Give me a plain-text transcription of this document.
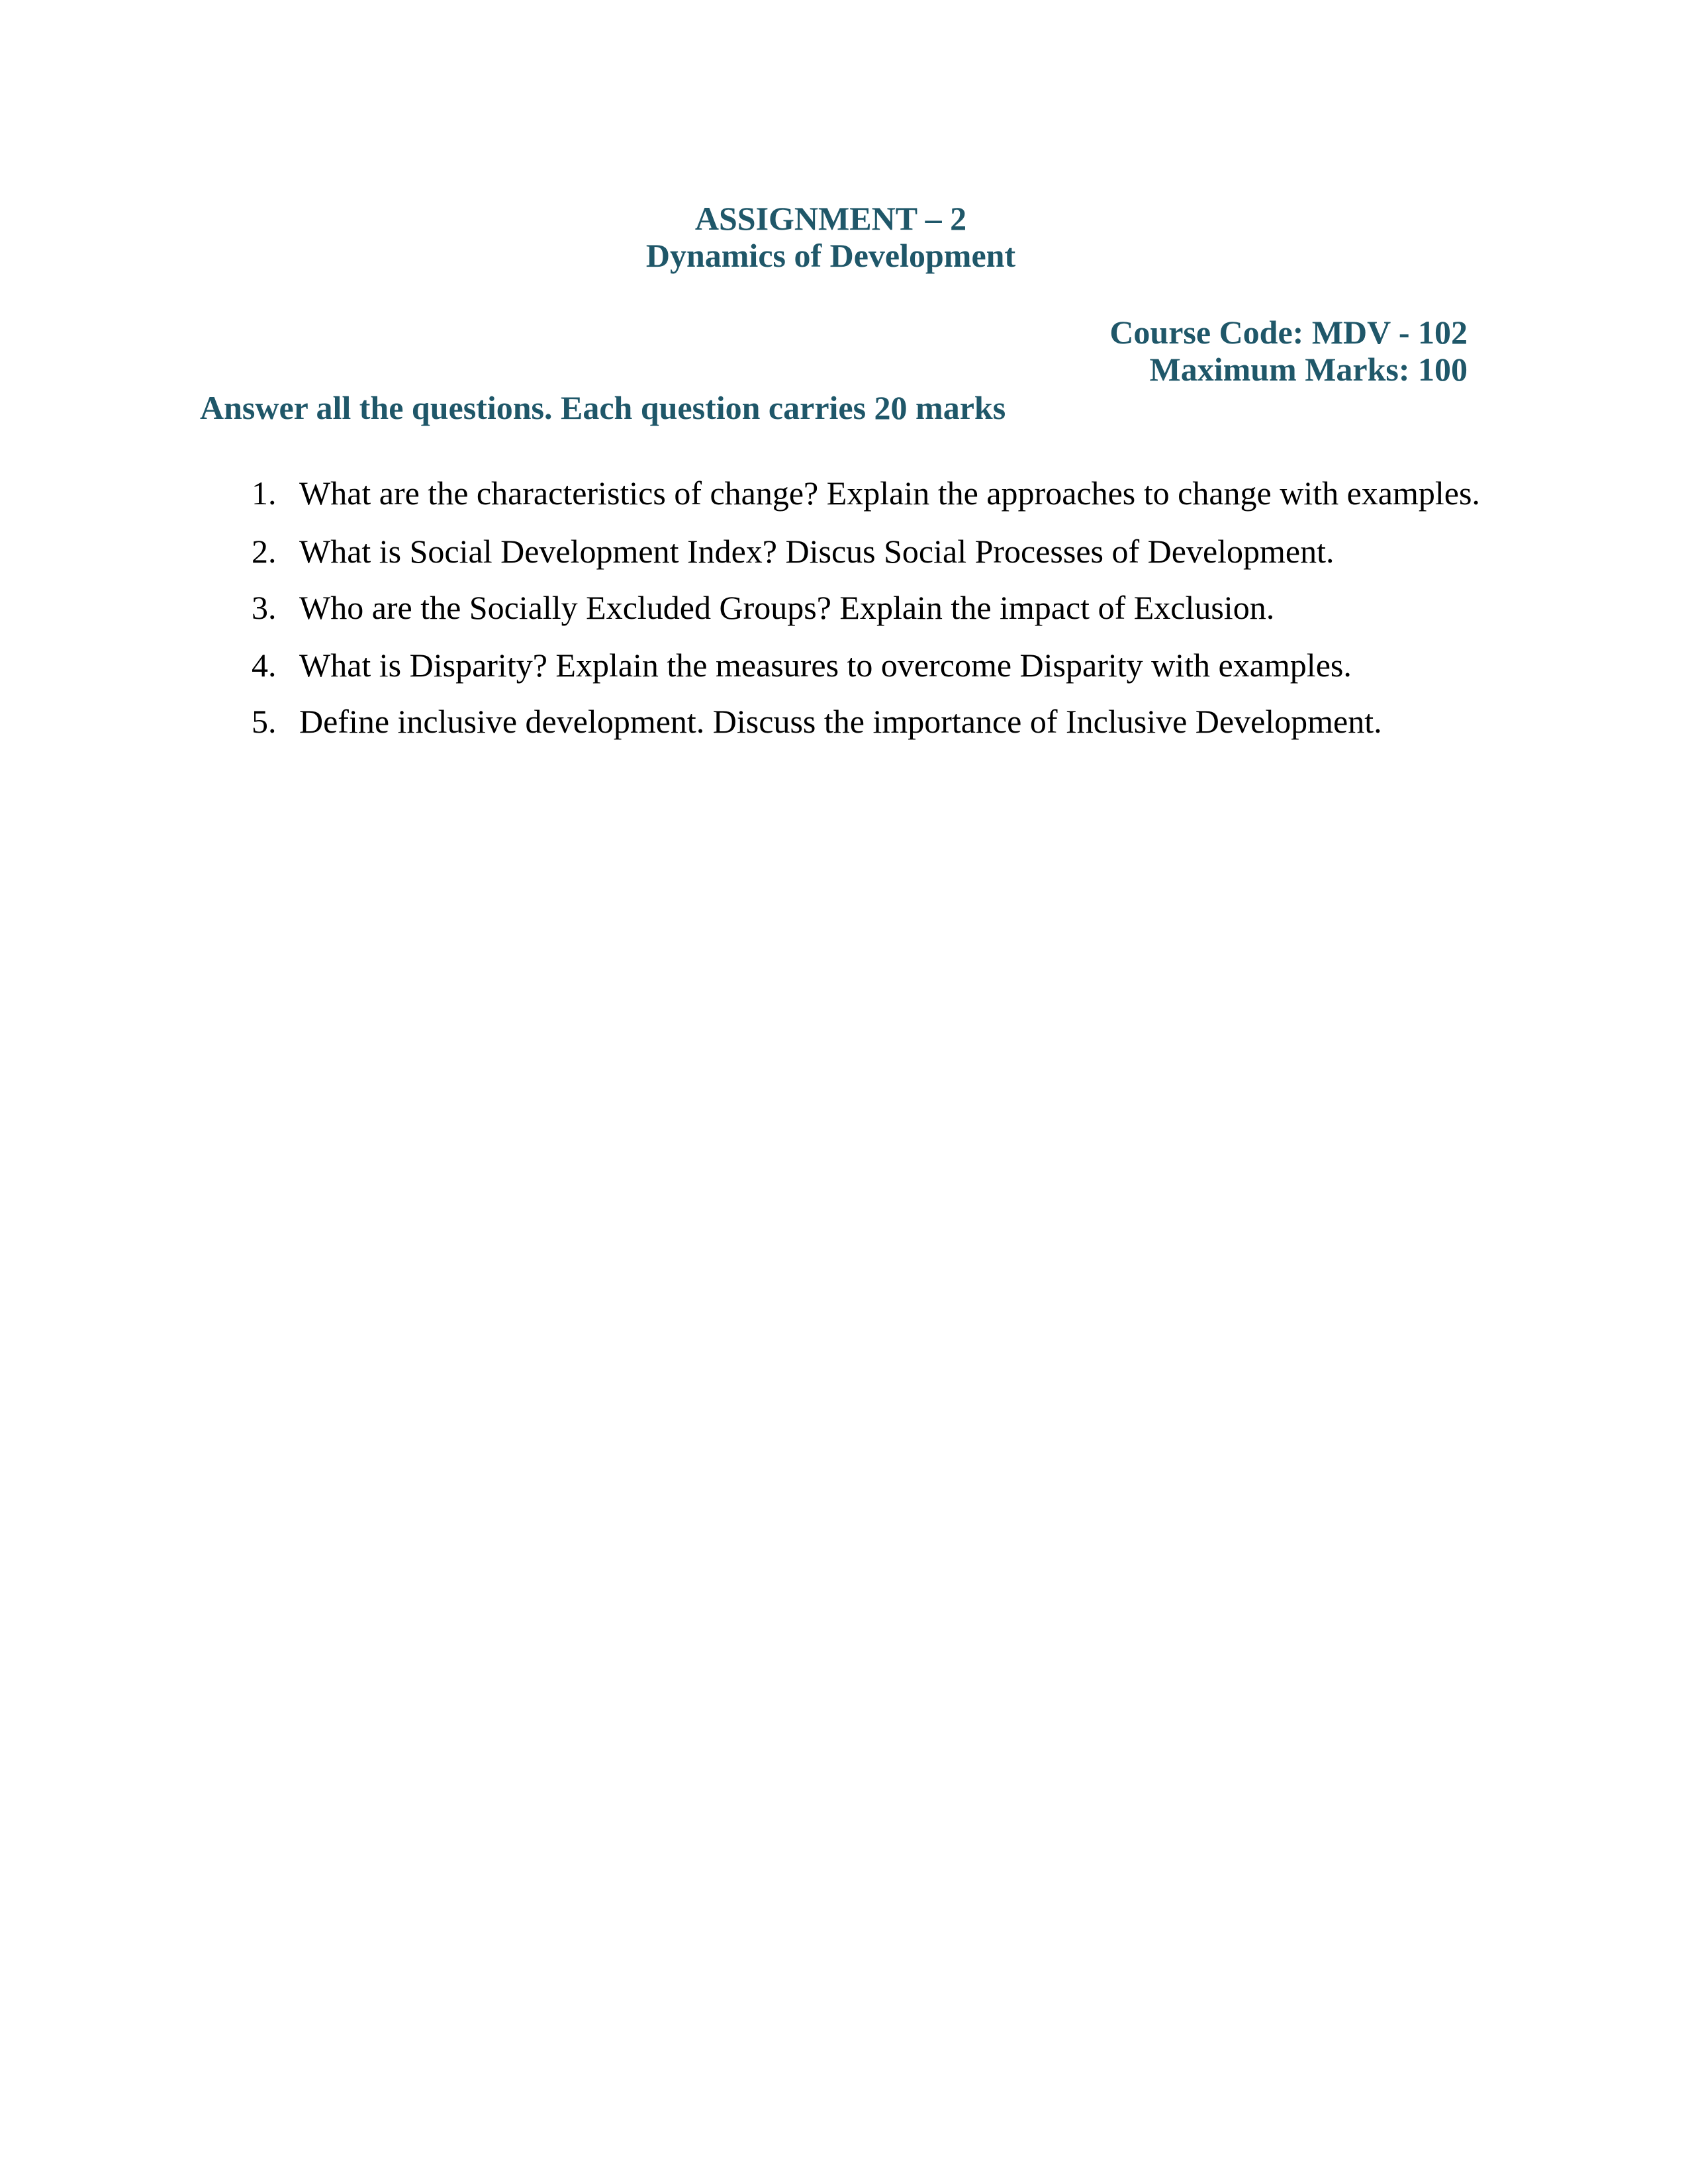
ASSIGNMENT – 2
Dynamics of Development
Course Code: MDV - 102
Maximum Marks: 100
Answer all the questions. Each question carries 20 marks
1. What are the characteristics of change? Explain the approaches to change with examples.
2. What is Social Development Index? Discus Social Processes of Development.
3. Who are the Socially Excluded Groups? Explain the impact of Exclusion.
4. What is Disparity? Explain the measures to overcome Disparity with examples.
5. Define inclusive development. Discuss the importance of Inclusive Development.
